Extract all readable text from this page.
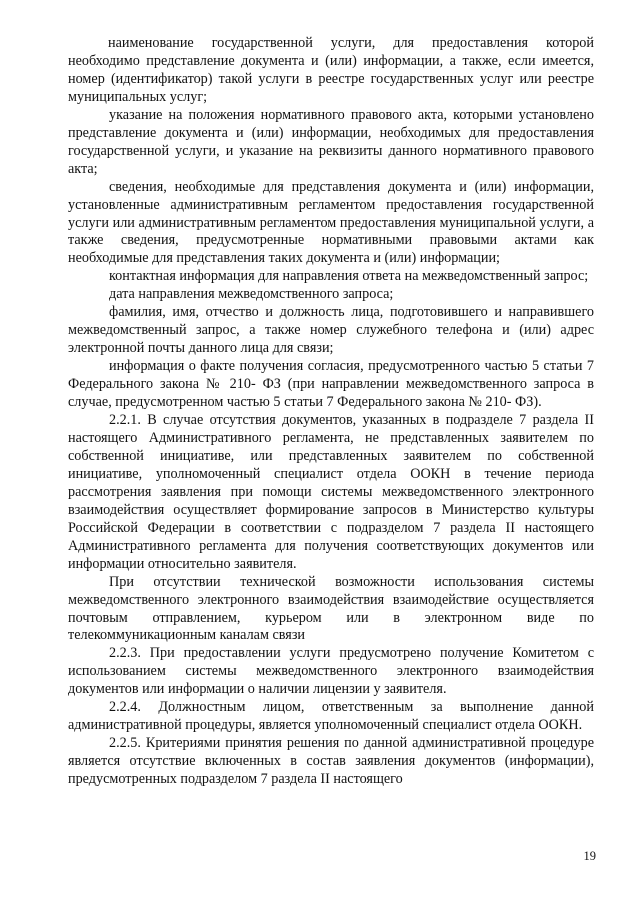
наименование государственной услуги, для предоставления которой необходимо представление документа и (или) информации, а также, если имеется, номер (идентификатор) такой услуги в реестре государственных услуг или реестре муниципальных услуг;

указание на положения нормативного правового акта, которыми установлено представление документа и (или) информации, необходимых для предоставления государственной услуги, и указание на реквизиты данного нормативного правового акта;

сведения, необходимые для представления документа и (или) информации, установленные административным регламентом предоставления государственной услуги или административным регламентом предоставления муниципальной услуги, а также сведения, предусмотренные нормативными правовыми актами как необходимые для представления таких документа и (или) информации;

контактная информация для направления ответа на межведомственный запрос;

дата направления межведомственного запроса;

фамилия, имя, отчество и должность лица, подготовившего и направившего межведомственный запрос, а также номер служебного телефона и (или) адрес электронной почты данного лица для связи;

информация о факте получения согласия, предусмотренного частью 5 статьи 7 Федерального закона № 210- ФЗ (при направлении межведомственного запроса в случае, предусмотренном частью 5 статьи 7 Федерального закона № 210- ФЗ).

2.2.1. В случае отсутствия документов, указанных в подразделе 7 раздела II настоящего Административного регламента, не представленных заявителем по собственной инициативе, или представленных заявителем по собственной инициативе, уполномоченный специалист отдела ООКН в течение периода рассмотрения заявления при помощи системы межведомственного электронного взаимодействия осуществляет формирование запросов в Министерство культуры Российской Федерации в соответствии с подразделом 7 раздела II настоящего Административного регламента для получения соответствующих документов или информации относительно заявителя.

При отсутствии технической возможности использования системы межведомственного электронного взаимодействия взаимодействие осуществляется почтовым отправлением, курьером или в электронном виде по телекоммуникационным каналам связи

2.2.3. При предоставлении услуги предусмотрено получение Комитетом с использованием системы межведомственного электронного взаимодействия документов или информации о наличии лицензии у заявителя.

2.2.4. Должностным лицом, ответственным за выполнение данной административной процедуры, является уполномоченный специалист отдела ООКН.

2.2.5. Критериями принятия решения по данной административной процедуре является отсутствие включенных в состав заявления документов (информации), предусмотренных подразделом 7 раздела II настоящего

19
